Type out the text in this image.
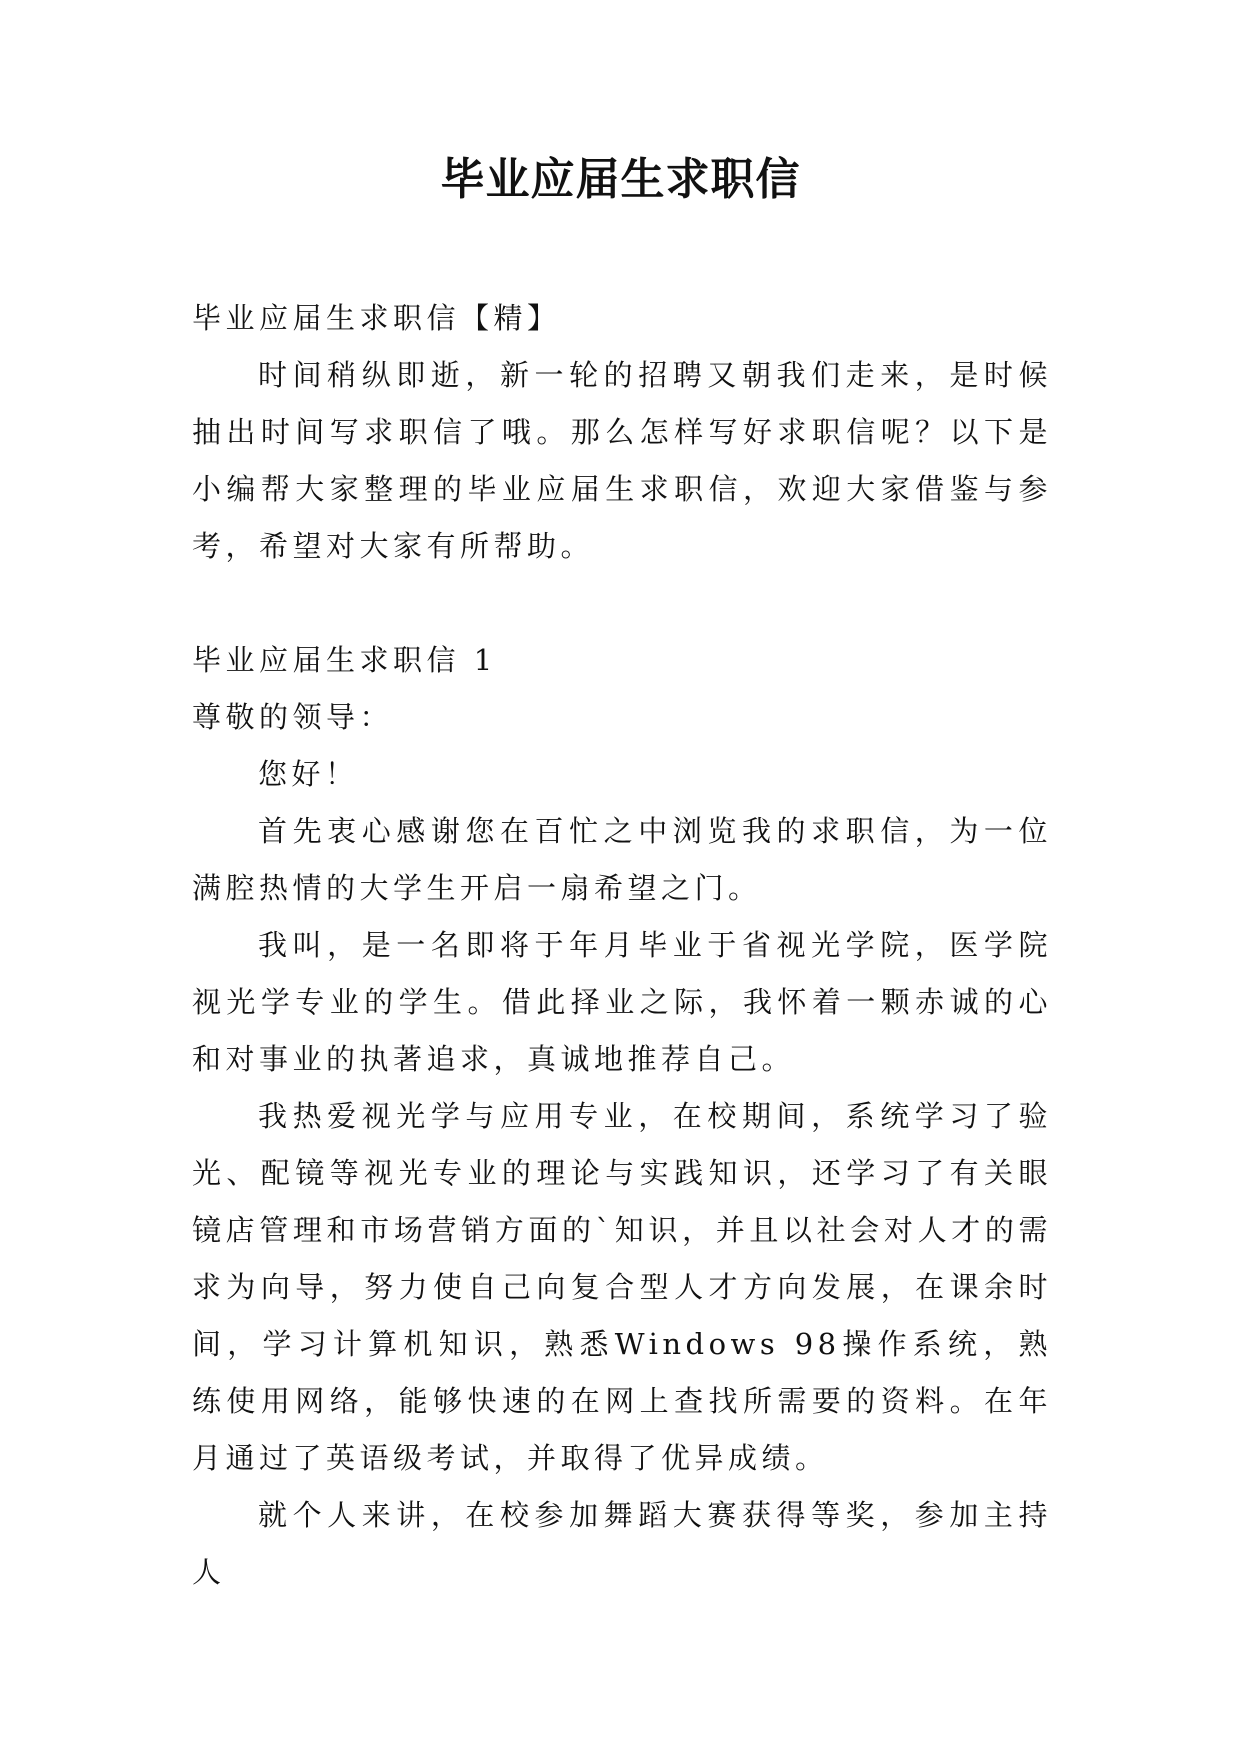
毕业应届生求职信

毕业应届生求职信【精】

时间稍纵即逝，新一轮的招聘又朝我们走来，是时候抽出时间写求职信了哦。那么怎样写好求职信呢？以下是小编帮大家整理的毕业应届生求职信，欢迎大家借鉴与参考，希望对大家有所帮助。

毕业应届生求职信 1

尊敬的领导：

您好！

首先衷心感谢您在百忙之中浏览我的求职信，为一位满腔热情的大学生开启一扇希望之门。

我叫，是一名即将于年月毕业于省视光学院，医学院视光学专业的学生。借此择业之际，我怀着一颗赤诚的心和对事业的执著追求，真诚地推荐自己。

我热爱视光学与应用专业，在校期间，系统学习了验光、配镜等视光专业的理论与实践知识，还学习了有关眼镜店管理和市场营销方面的`知识，并且以社会对人才的需求为向导，努力使自己向复合型人才方向发展，在课余时间，学习计算机知识，熟悉Windows 98操作系统，熟练使用网络，能够快速的在网上查找所需要的资料。在年月通过了英语级考试，并取得了优异成绩。

就个人来讲，在校参加舞蹈大赛获得等奖，参加主持人
